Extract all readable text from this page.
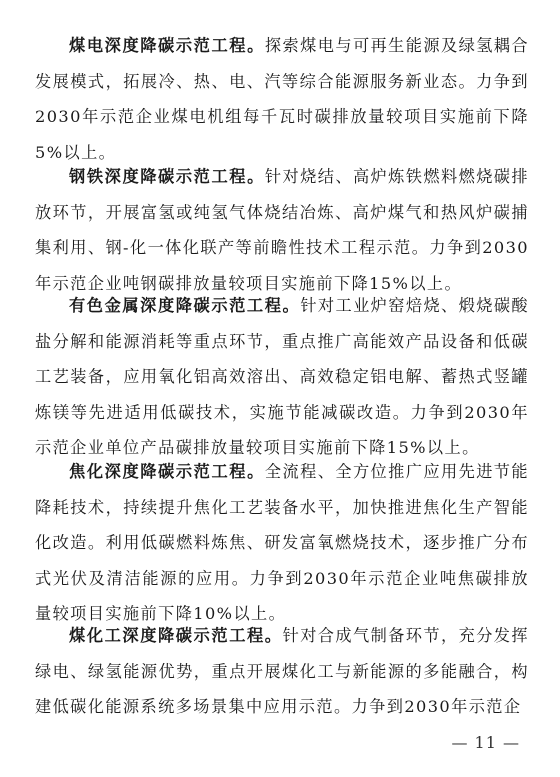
煤电深度降碳示范工程。探索煤电与可再生能源及绿氢耦合发展模式，拓展冷、热、电、汽等综合能源服务新业态。力争到2030年示范企业煤电机组每千瓦时碳排放量较项目实施前下降5%以上。

钢铁深度降碳示范工程。针对烧结、高炉炼铁燃料燃烧碳排放环节，开展富氢或纯氢气体烧结冶炼、高炉煤气和热风炉碳捕集利用、钢-化一体化联产等前瞻性技术工程示范。力争到2030年示范企业吨钢碳排放量较项目实施前下降15%以上。

有色金属深度降碳示范工程。针对工业炉窑焙烧、煅烧碳酸盐分解和能源消耗等重点环节，重点推广高能效产品设备和低碳工艺装备，应用氧化铝高效溶出、高效稳定铝电解、蓄热式竖罐炼镁等先进适用低碳技术，实施节能减碳改造。力争到2030年示范企业单位产品碳排放量较项目实施前下降15%以上。

焦化深度降碳示范工程。全流程、全方位推广应用先进节能降耗技术，持续提升焦化工艺装备水平，加快推进焦化生产智能化改造。利用低碳燃料炼焦、研发富氧燃烧技术，逐步推广分布式光伏及清洁能源的应用。力争到2030年示范企业吨焦碳排放量较项目实施前下降10%以上。

煤化工深度降碳示范工程。针对合成气制备环节，充分发挥绿电、绿氢能源优势，重点开展煤化工与新能源的多能融合，构建低碳化能源系统多场景集中应用示范。力争到2030年示范企

— 11 —
